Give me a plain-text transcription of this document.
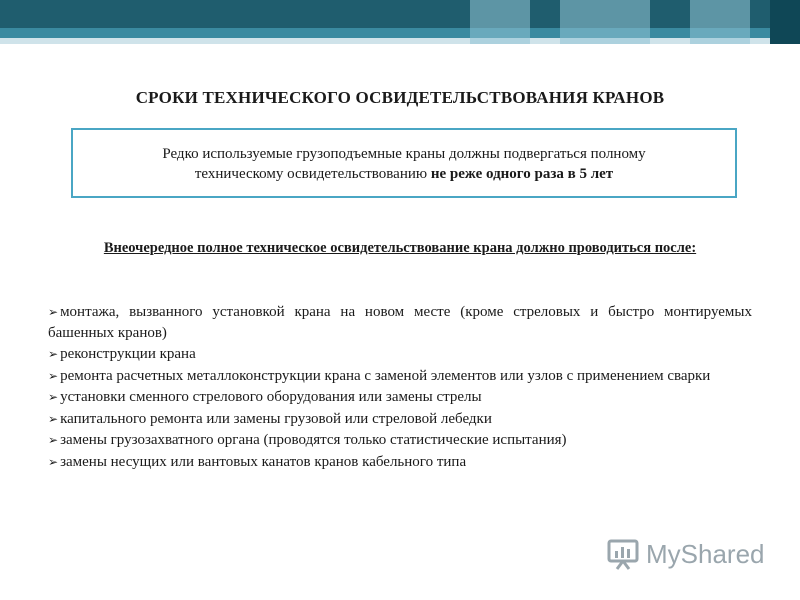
СРОКИ ТЕХНИЧЕСКОГО ОСВИДЕТЕЛЬСТВОВАНИЯ КРАНОВ
Редко используемые грузоподъемные краны должны подвергаться полному
техническому освидетельствованию не реже одного раза в 5 лет
Внеочередное полное техническое освидетельствование крана должно проводиться после:
➢ монтажа, вызванного установкой крана на новом месте (кроме стреловых и быстро монтируемых башенных кранов)
➢ реконструкции крана
➢ ремонта расчетных металлоконструкции крана с заменой элементов или узлов с применением сварки
➢ установки сменного стрелового оборудования или замены стрелы
➢ капитального ремонта или замены грузовой или стреловой лебедки
➢ замены грузозахватного органа (проводятся только статистические испытания)
➢ замены несущих или вантовых канатов кранов кабельного типа
MyShared
